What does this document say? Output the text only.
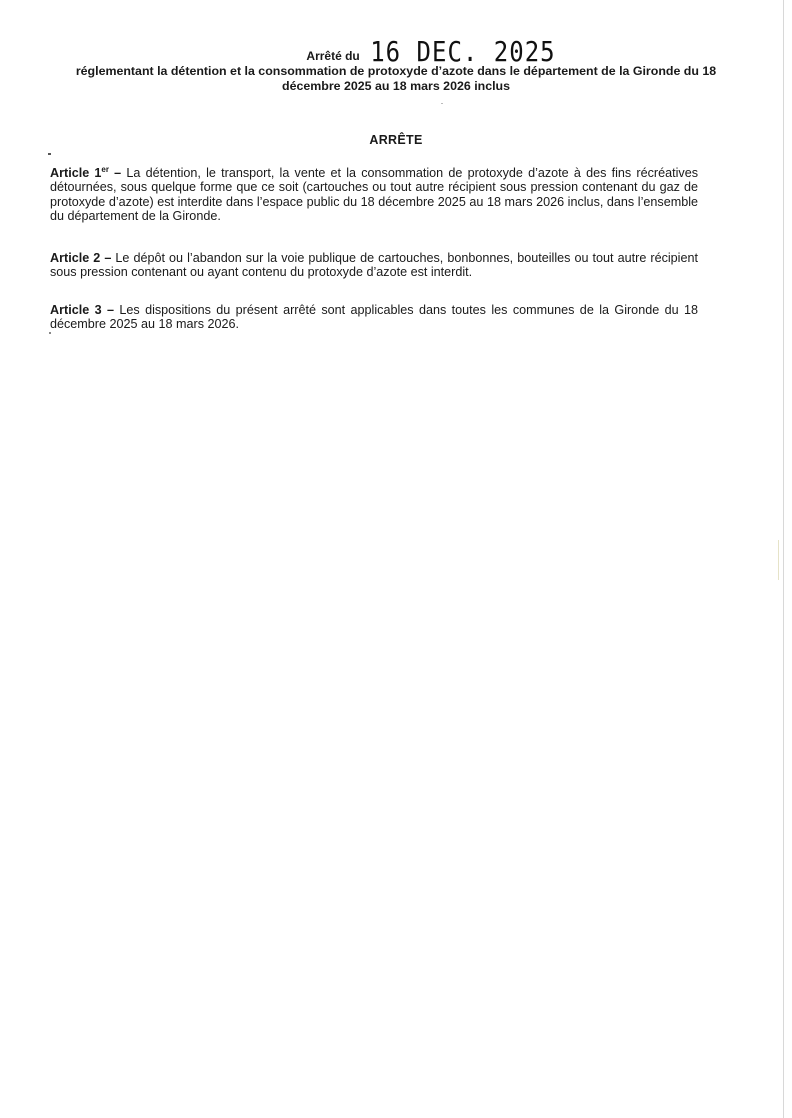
Arrêté du 16 DEC. 2025
réglementant la détention et la consommation de protoxyde d’azote dans le département de la Gironde du 18 décembre 2025 au 18 mars 2026 inclus
ARRÊTE
Article 1er – La détention, le transport, la vente et la consommation de protoxyde d’azote à des fins récréatives détournées, sous quelque forme que ce soit (cartouches ou tout autre récipient sous pression contenant du gaz de protoxyde d’azote) est interdite dans l’espace public du 18 décembre 2025 au 18 mars 2026 inclus, dans l’ensemble du département de la Gironde.
Article 2 – Le dépôt ou l’abandon sur la voie publique de cartouches, bonbonnes, bouteilles ou tout autre récipient sous pression contenant ou ayant contenu du protoxyde d’azote est interdit.
Article 3 – Les dispositions du présent arrêté sont applicables dans toutes les communes de la Gironde du 18 décembre 2025 au 18 mars 2026.
